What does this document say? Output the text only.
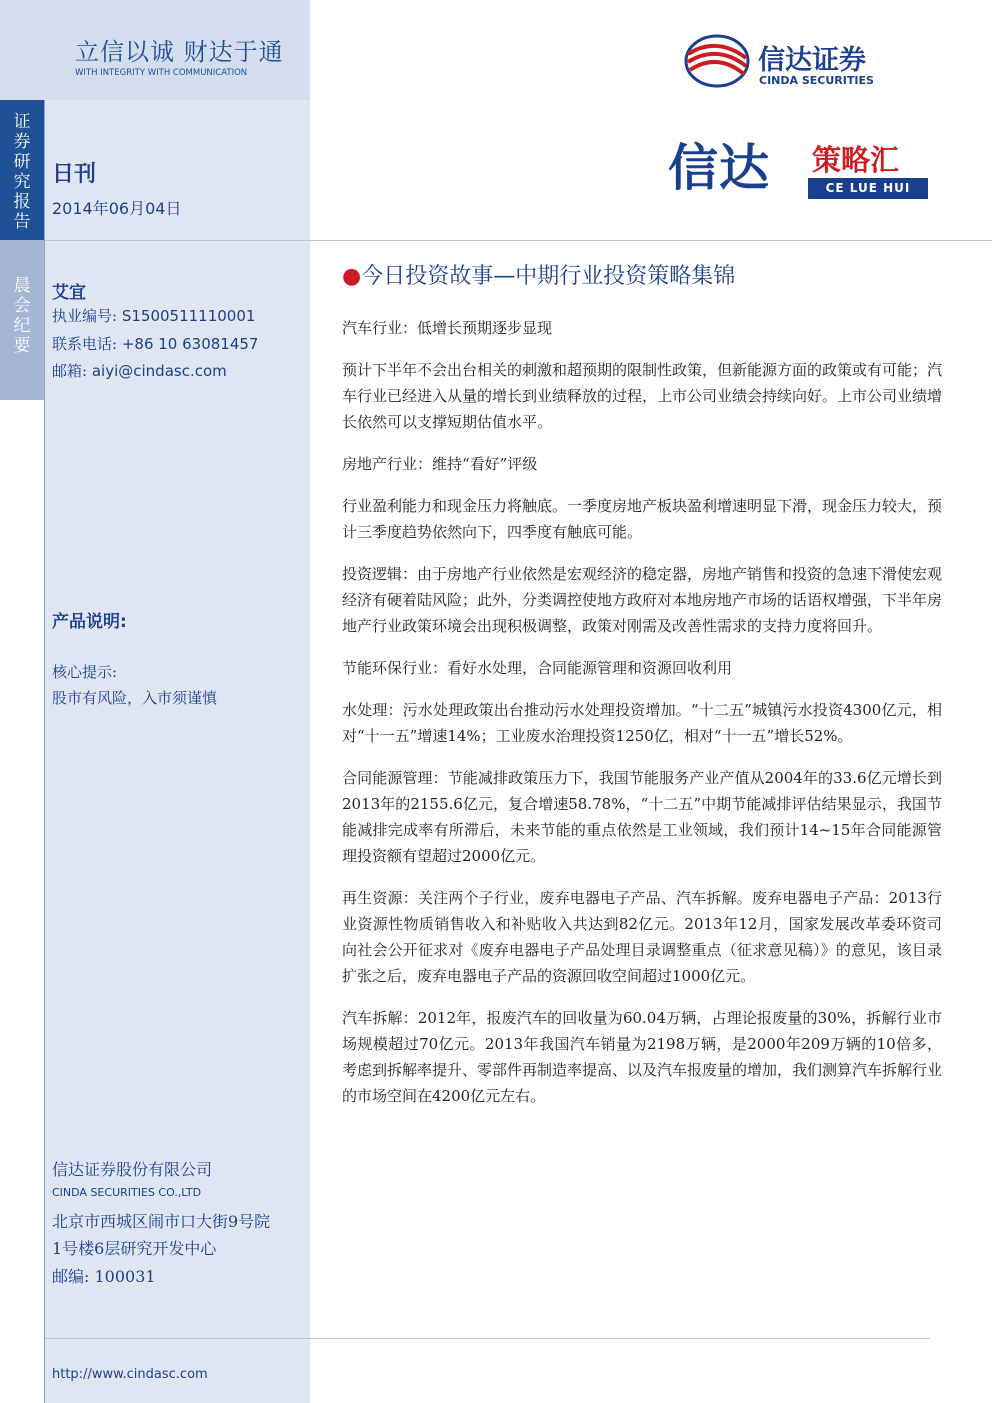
立信以诚 财达于通
WITH INTEGRITY WITH COMMUNICATION	信达证券
CINDA SECURITIES
证券研究报告
晨会纪要
日刊
2014年06月04日
艾宜
执业编号: S1500511110001
联系电话: +86 10 63081457
邮箱: aiyi@cindasc.com
产品说明:
核心提示:
股市有风险，入市须谨慎
信达证券股份有限公司
CINDA SECURITIES CO.,LTD
北京市西城区闹市口大街9号院
1号楼6层研究开发中心
邮编: 100031
http://www.cindasc.com
信达 策略汇
CE LUE HUI
●今日投资故事—中期行业投资策略集锦

汽车行业：低增长预期逐步显现

预计下半年不会出台相关的刺激和超预期的限制性政策，但新能源方面的政策或有可能；汽车行业已经进入从量的增长到业绩释放的过程，上市公司业绩会持续向好。上市公司业绩增长依然可以支撑短期估值水平。

房地产行业：维持“看好”评级

行业盈利能力和现金压力将触底。一季度房地产板块盈利增速明显下滑，现金压力较大，预计三季度趋势依然向下，四季度有触底可能。

投资逻辑：由于房地产行业依然是宏观经济的稳定器，房地产销售和投资的急速下滑使宏观经济有硬着陆风险；此外，分类调控使地方政府对本地房地产市场的话语权增强，下半年房地产行业政策环境会出现积极调整，政策对刚需及改善性需求的支持力度将回升。

节能环保行业：看好水处理，合同能源管理和资源回收利用

水处理：污水处理政策出台推动污水处理投资增加。“十二五”城镇污水投资4300亿元，相对“十一五”增速14%；工业废水治理投资1250亿，相对“十一五”增长52%。

合同能源管理：节能减排政策压力下，我国节能服务产业产值从2004年的33.6亿元增长到2013年的2155.6亿元，复合增速58.78%，“十二五”中期节能减排评估结果显示，我国节能减排完成率有所滞后，未来节能的重点依然是工业领域，我们预计14~15年合同能源管理投资额有望超过2000亿元。

再生资源：关注两个子行业，废弃电器电子产品、汽车拆解。废弃电器电子产品：2013行业资源性物质销售收入和补贴收入共达到82亿元。2013年12月，国家发展改革委环资司向社会公开征求对《废弃电器电子产品处理目录调整重点（征求意见稿）》的意见，该目录扩张之后，废弃电器电子产品的资源回收空间超过1000亿元。

汽车拆解：2012年，报废汽车的回收量为60.04万辆，占理论报废量的30%，拆解行业市场规模超过70亿元。2013年我国汽车销量为2198万辆，是2000年209万辆的10倍多，考虑到拆解率提升、零部件再制造率提高、以及汽车报废量的增加，我们测算汽车拆解行业的市场空间在4200亿元左右。
